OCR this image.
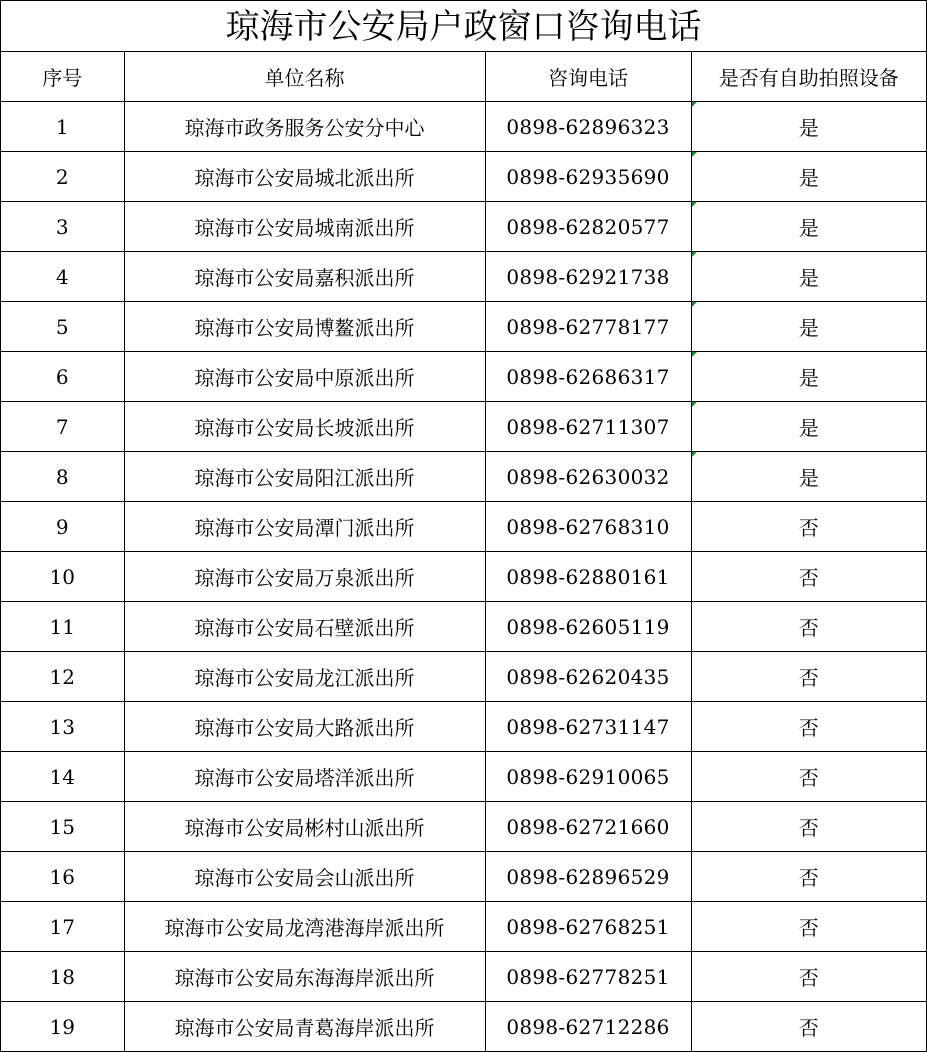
琼海市公安局户政窗口咨询电话
序号	单位名称	咨询电话	是否有自助拍照设备
1	琼海市政务服务公安分中心	0898-62896323	是
2	琼海市公安局城北派出所	0898-62935690	是
3	琼海市公安局城南派出所	0898-62820577	是
4	琼海市公安局嘉积派出所	0898-62921738	是
5	琼海市公安局博鳌派出所	0898-62778177	是
6	琼海市公安局中原派出所	0898-62686317	是
7	琼海市公安局长坡派出所	0898-62711307	是
8	琼海市公安局阳江派出所	0898-62630032	是
9	琼海市公安局潭门派出所	0898-62768310	否
10	琼海市公安局万泉派出所	0898-62880161	否
11	琼海市公安局石壁派出所	0898-62605119	否
12	琼海市公安局龙江派出所	0898-62620435	否
13	琼海市公安局大路派出所	0898-62731147	否
14	琼海市公安局塔洋派出所	0898-62910065	否
15	琼海市公安局彬村山派出所	0898-62721660	否
16	琼海市公安局会山派出所	0898-62896529	否
17	琼海市公安局龙湾港海岸派出所	0898-62768251	否
18	琼海市公安局东海海岸派出所	0898-62778251	否
19	琼海市公安局青葛海岸派出所	0898-62712286	否
